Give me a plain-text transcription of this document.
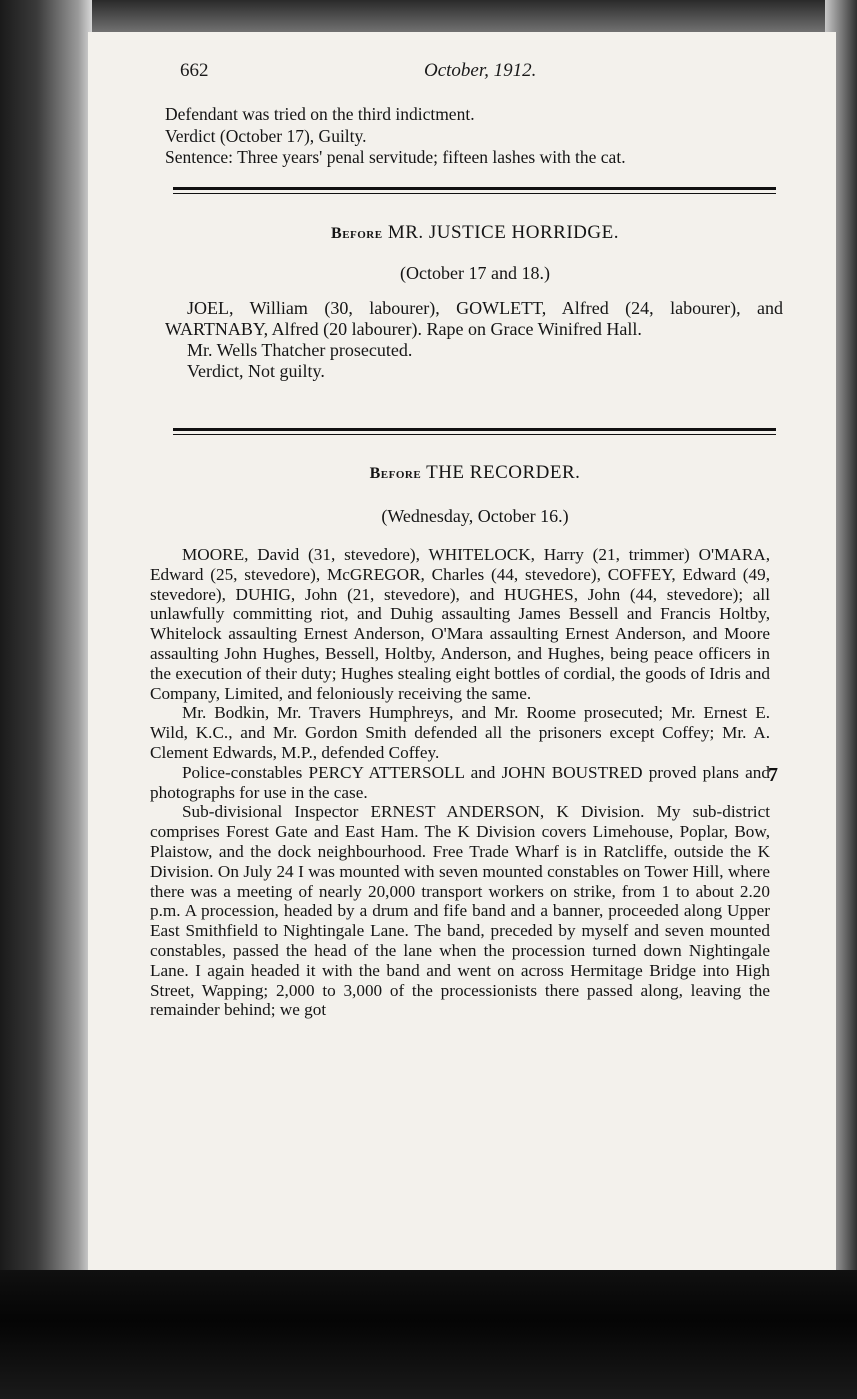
662	October, 1912.

Defendant was tried on the third indictment.

Verdict (October 17), Guilty.

Sentence: Three years' penal servitude; fifteen lashes with the cat.

Before MR. JUSTICE HORRIDGE.
(October 17 and 18.)

JOEL, William (30, labourer), GOWLETT, Alfred (24, labourer), and WARTNABY, Alfred (20 labourer). Rape on Grace Winifred Hall.

Mr. Wells Thatcher prosecuted.

Verdict, Not guilty.

Before THE RECORDER.
(Wednesday, October 16.)

MOORE, David (31, stevedore), WHITELOCK, Harry (21, trimmer) O'MARA, Edward (25, stevedore), McGREGOR, Charles (44, stevedore), COFFEY, Edward (49, stevedore), DUHIG, John (21, stevedore), and HUGHES, John (44, stevedore); all unlawfully committing riot, and Duhig assaulting James Bessell and Francis Holtby, Whitelock assaulting Ernest Anderson, O'Mara assaulting Ernest Anderson, and Moore assaulting John Hughes, Bessell, Holtby, Anderson, and Hughes, being peace officers in the execution of their duty; Hughes stealing eight bottles of cordial, the goods of Idris and Company, Limited, and feloniously receiving the same.

Mr. Bodkin, Mr. Travers Humphreys, and Mr. Roome prosecuted; Mr. Ernest E. Wild, K.C., and Mr. Gordon Smith defended all the prisoners except Coffey; Mr. A. Clement Edwards, M.P., defended Coffey.

Police-constables PERCY ATTERSOLL and JOHN BOUSTRED proved plans and photographs for use in the case.

Sub-divisional Inspector ERNEST ANDERSON, K Division. My sub-district comprises Forest Gate and East Ham. The K Division covers Limehouse, Poplar, Bow, Plaistow, and the dock neighbourhood. Free Trade Wharf is in Ratcliffe, outside the K Division. On July 24 I was mounted with seven mounted constables on Tower Hill, where there was a meeting of nearly 20,000 transport workers on strike, from 1 to about 2.20 p.m. A procession, headed by a drum and fife band and a banner, proceeded along Upper East Smithfield to Nightingale Lane. The band, preceded by myself and seven mounted constables, passed the head of the lane when the procession turned down Nightingale Lane. I again headed it with the band and went on across Hermitage Bridge into High Street, Wapping; 2,000 to 3,000 of the processionists there passed along, leaving the remainder behind; we got

7
